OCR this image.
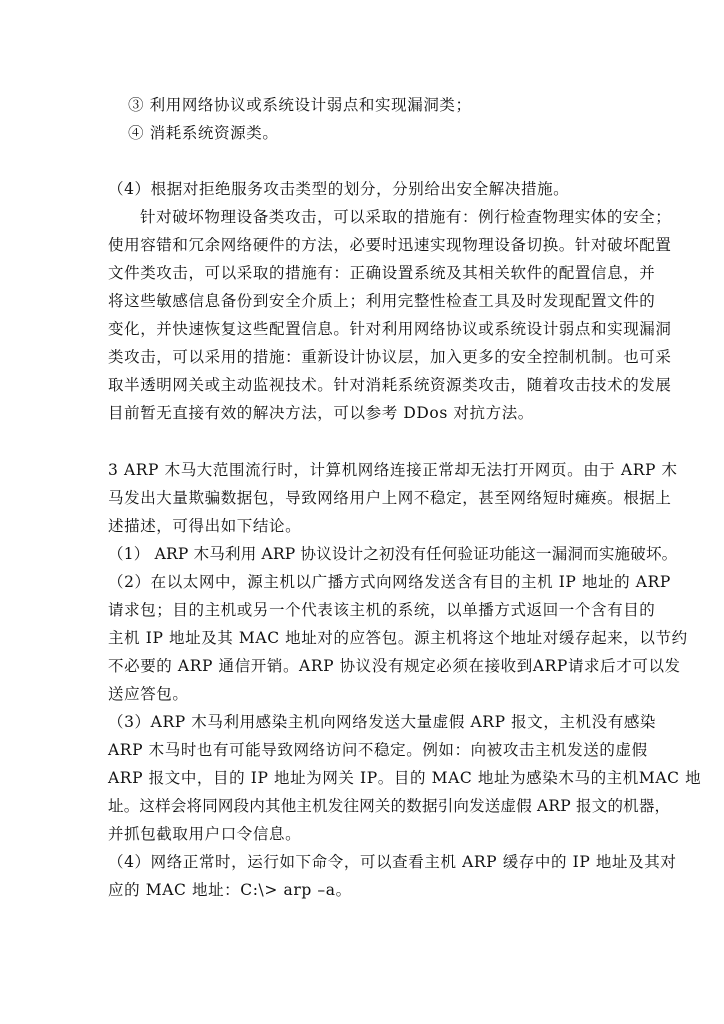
③ 利用网络协议或系统设计弱点和实现漏洞类；
④ 消耗系统资源类。
（4）根据对拒绝服务攻击类型的划分，分别给出安全解决措施。
针对破坏物理设备类攻击，可以采取的措施有：例行检查物理实体的安全；
使用容错和冗余网络硬件的方法，必要时迅速实现物理设备切换。针对破坏配置
文件类攻击，可以采取的措施有：正确设置系统及其相关软件的配置信息，并
将这些敏感信息备份到安全介质上；利用完整性检查工具及时发现配置文件的
变化，并快速恢复这些配置信息。针对利用网络协议或系统设计弱点和实现漏洞
类攻击，可以采用的措施：重新设计协议层，加入更多的安全控制机制。也可采
取半透明网关或主动监视技术。针对消耗系统资源类攻击，随着攻击技术的发展
目前暂无直接有效的解决方法，可以参考 DDos 对抗方法。
3 ARP 木马大范围流行时，计算机网络连接正常却无法打开网页。由于 ARP 木
马发出大量欺骗数据包，导致网络用户上网不稳定，甚至网络短时瘫痪。根据上
述描述，可得出如下结论。
（1） ARP 木马利用 ARP 协议设计之初没有任何验证功能这一漏洞而实施破坏。
（2）在以太网中，源主机以广播方式向网络发送含有目的主机 IP 地址的 ARP
请求包；目的主机或另一个代表该主机的系统，以单播方式返回一个含有目的
主机 IP 地址及其 MAC 地址对的应答包。源主机将这个地址对缓存起来，以节约
不必要的 ARP 通信开销。ARP 协议没有规定必须在接收到ARP请求后才可以发
送应答包。
（3）ARP 木马利用感染主机向网络发送大量虚假 ARP 报文，主机没有感染
ARP 木马时也有可能导致网络访问不稳定。例如：向被攻击主机发送的虚假
ARP 报文中，目的 IP 地址为网关 IP。目的 MAC 地址为感染木马的主机MAC 地
址。这样会将同网段内其他主机发往网关的数据引向发送虚假 ARP 报文的机器，
并抓包截取用户口令信息。
（4）网络正常时，运行如下命令，可以查看主机 ARP 缓存中的 IP 地址及其对
应的 MAC 地址：C:\> arp –a。
